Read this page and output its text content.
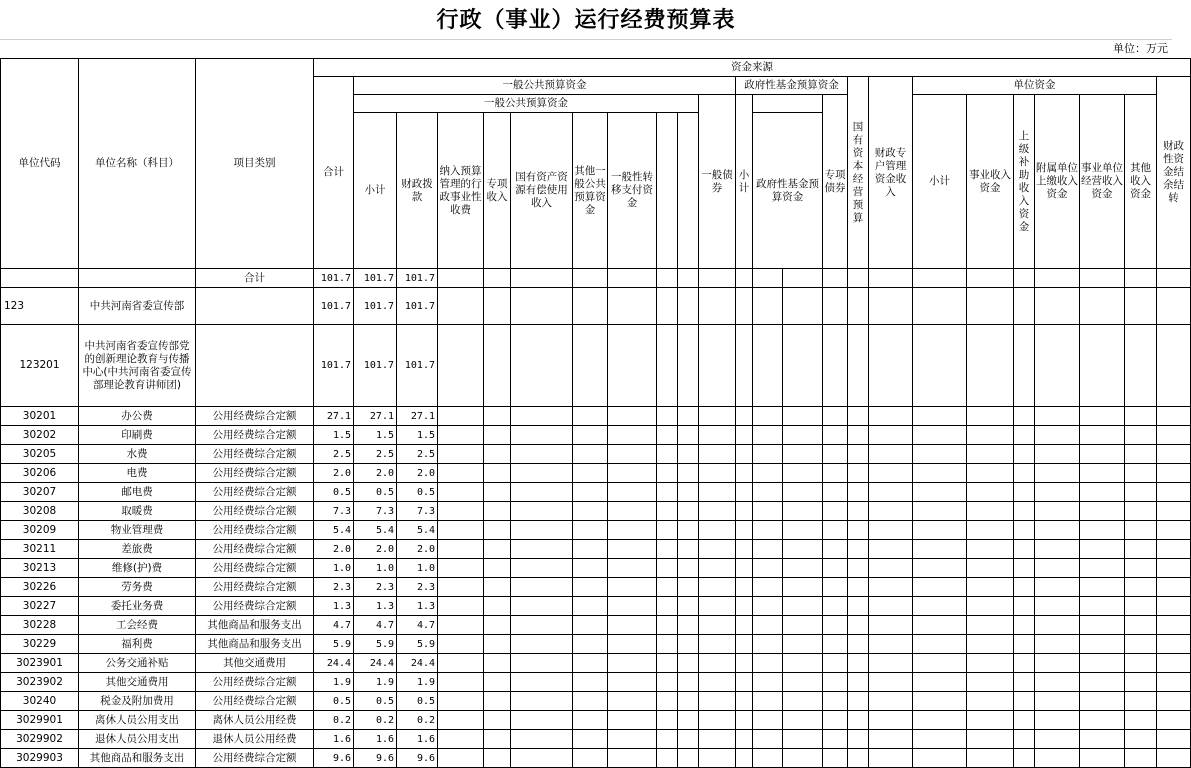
行政（事业）运行经费预算表
单位：万元
单位代码	单位名称（科目）	项目类别	资金来源																								
			合计	一般公共预算资金										政府性基金预算资金				国有资本经营预算	财政专户管理资金收入	单位资金						财政性资金结余结转		
				一般公共预算资金									一般债券	小计			专项债券			小计	事业收入资金	上级补助收入资金	附属单位上缴收入资金	事业单位经营收入资金	其他收入资金		
				小计	财政拨款	纳入预算管理的行政事业性收费	专项收入	国有资产资源有偿使用收入	其他一般公共预算资金	一般性转移支付资金					政府性基金预算资金												
		合计	101.7	101.7	101.7																						
123	中共河南省委宣传部		101.7	101.7	101.7																						
123201	中共河南省委宣传部党的创新理论教育与传播中心(中共河南省委宣传部理论教育讲师团)		101.7	101.7	101.7																						
30201	办公费	公用经费综合定额	27.1	27.1	27.1																						
30202	印刷费	公用经费综合定额	1.5	1.5	1.5																						
30205	水费	公用经费综合定额	2.5	2.5	2.5																						
30206	电费	公用经费综合定额	2.0	2.0	2.0																						
30207	邮电费	公用经费综合定额	0.5	0.5	0.5																						
30208	取暖费	公用经费综合定额	7.3	7.3	7.3																						
30209	物业管理费	公用经费综合定额	5.4	5.4	5.4																						
30211	差旅费	公用经费综合定额	2.0	2.0	2.0																						
30213	维修(护)费	公用经费综合定额	1.0	1.0	1.0																						
30226	劳务费	公用经费综合定额	2.3	2.3	2.3																						
30227	委托业务费	公用经费综合定额	1.3	1.3	1.3																						
30228	工会经费	其他商品和服务支出	4.7	4.7	4.7																						
30229	福利费	其他商品和服务支出	5.9	5.9	5.9																						
3023901	公务交通补贴	其他交通费用	24.4	24.4	24.4																						
3023902	其他交通费用	公用经费综合定额	1.9	1.9	1.9																						
30240	税金及附加费用	公用经费综合定额	0.5	0.5	0.5																						
3029901	离休人员公用支出	离休人员公用经费	0.2	0.2	0.2																						
3029902	退休人员公用支出	退休人员公用经费	1.6	1.6	1.6																						
3029903	其他商品和服务支出	公用经费综合定额	9.6	9.6	9.6																						
